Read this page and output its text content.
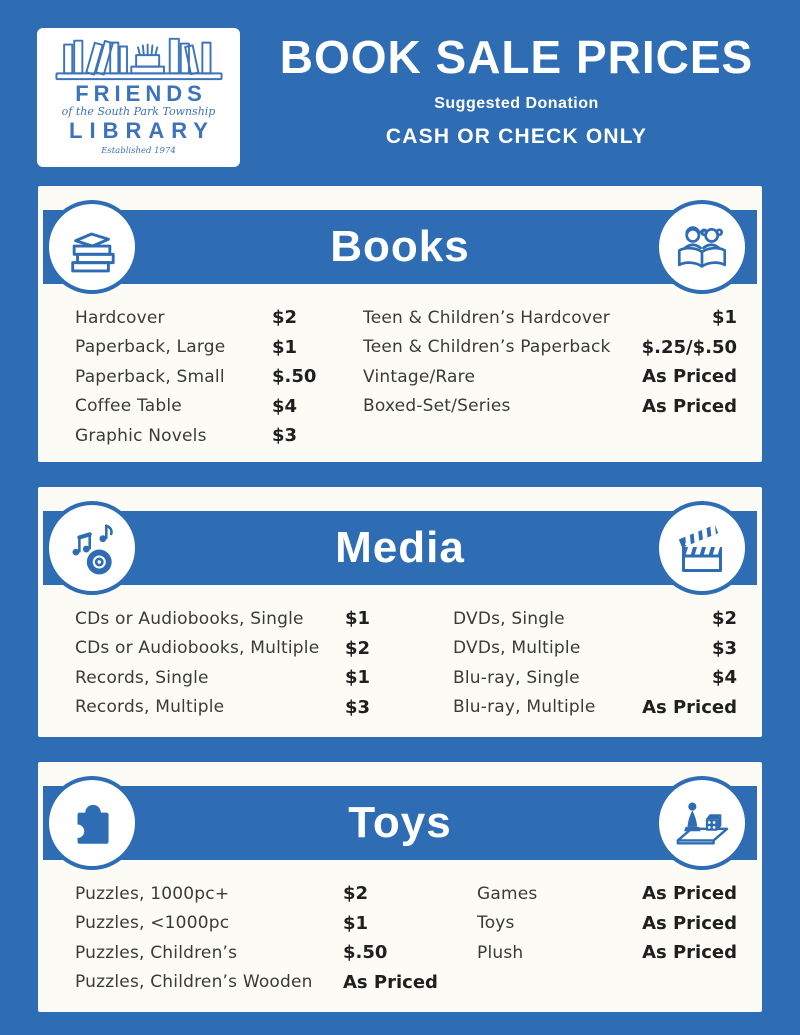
FRIENDS
of the South Park Township
LIBRARY
Established 1974
BOOK SALE PRICES
Suggested Donation
CASH OR CHECK ONLY
Books
Hardcover	$2
Paperback, Large	$1
Paperback, Small	$.50
Coffee Table	$4
Graphic Novels	$3
Teen & Children’s Hardcover	$1
Teen & Children’s Paperback $.25/$.50
Vintage/Rare	As Priced
Boxed-Set/Series	As Priced
Media
CDs or Audiobooks, Single	$1
CDs or Audiobooks, Multiple	$2
Records, Single	$1
Records, Multiple	$3
DVDs, Single	$2
DVDs, Multiple	$3
Blu-ray, Single	$4
Blu-ray, Multiple	As Priced
Toys
Puzzles, 1000pc+	$2
Puzzles, <1000pc	$1
Puzzles, Children’s	$.50
Puzzles, Children’s Wooden	As Priced
Games	As Priced
Toys	As Priced
Plush	As Priced
